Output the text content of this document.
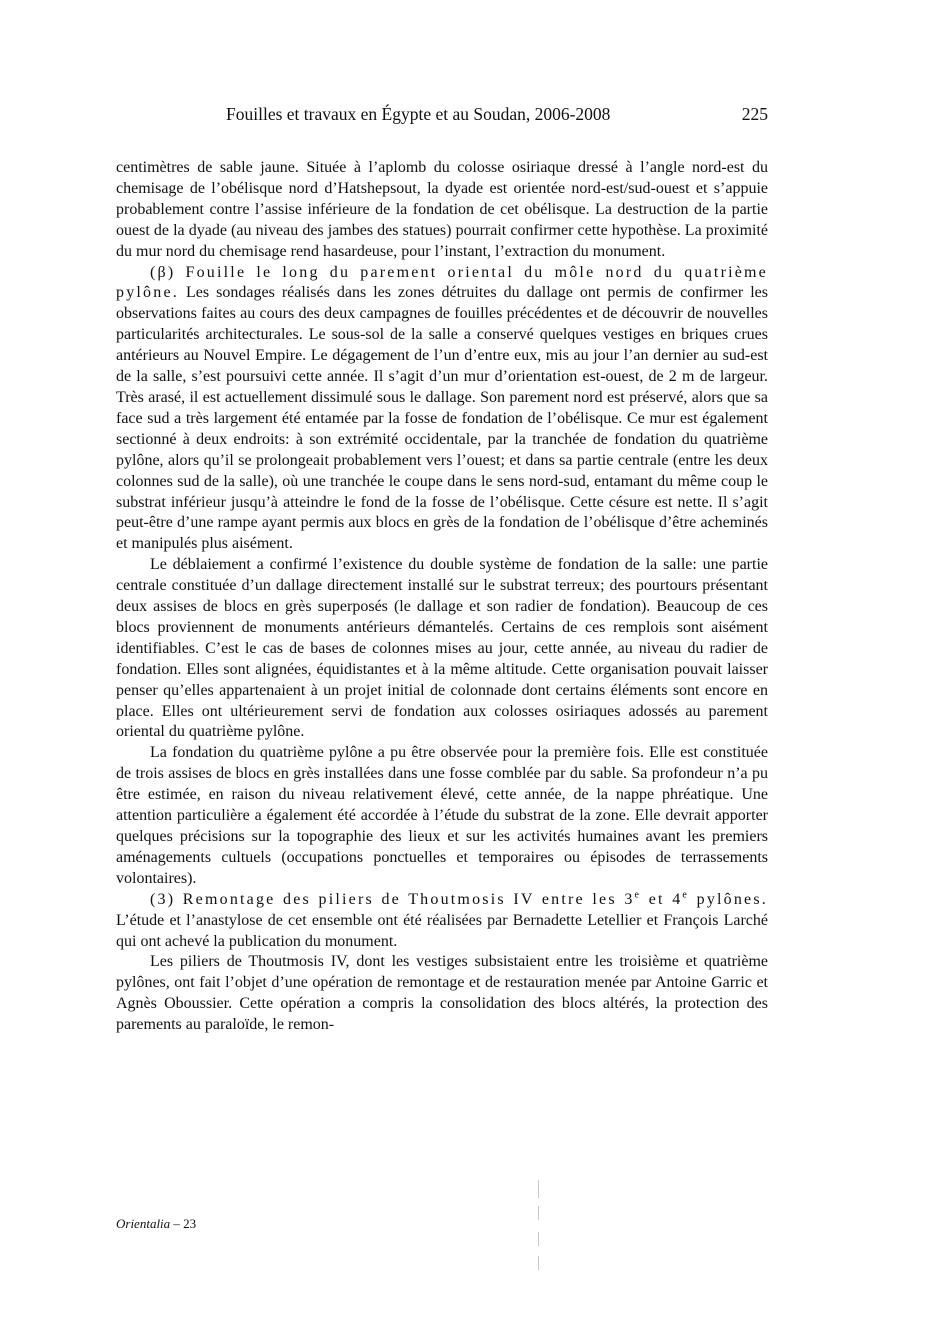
Fouilles et travaux en Égypte et au Soudan, 2006-2008	225

centimètres de sable jaune. Située à l’aplomb du colosse osiriaque dressé à l’angle nord-est du chemisage de l’obélisque nord d’Hatshepsout, la dyade est orientée nord-est/sud-ouest et s’appuie probablement contre l’assise inférieure de la fondation de cet obélisque. La destruction de la partie ouest de la dyade (au niveau des jambes des statues) pourrait confirmer cette hypothèse. La proximité du mur nord du chemisage rend hasardeuse, pour l’instant, l’extraction du monument.

(β) Fouille le long du parement oriental du môle nord du quatrième pylône. Les sondages réalisés dans les zones détruites du dallage ont permis de confirmer les observations faites au cours des deux campagnes de fouilles précédentes et de découvrir de nouvelles particularités architecturales. Le sous-sol de la salle a conservé quelques vestiges en briques crues antérieurs au Nouvel Empire. Le dégagement de l’un d’entre eux, mis au jour l’an dernier au sud-est de la salle, s’est poursuivi cette année. Il s’agit d’un mur d’orientation est-ouest, de 2 m de largeur. Très arasé, il est actuellement dissimulé sous le dallage. Son parement nord est préservé, alors que sa face sud a très largement été entamée par la fosse de fondation de l’obélisque. Ce mur est également sectionné à deux endroits: à son extrémité occidentale, par la tranchée de fondation du quatrième pylône, alors qu’il se prolongeait probablement vers l’ouest; et dans sa partie centrale (entre les deux colonnes sud de la salle), où une tranchée le coupe dans le sens nord-sud, entamant du même coup le substrat inférieur jusqu’à atteindre le fond de la fosse de l’obélisque. Cette césure est nette. Il s’agit peut-être d’une rampe ayant permis aux blocs en grès de la fondation de l’obélisque d’être acheminés et manipulés plus aisément.

Le déblaiement a confirmé l’existence du double système de fondation de la salle: une partie centrale constituée d’un dallage directement installé sur le substrat terreux; des pourtours présentant deux assises de blocs en grès superposés (le dallage et son radier de fondation). Beaucoup de ces blocs proviennent de monuments antérieurs démantelés. Certains de ces remplois sont aisément identifiables. C’est le cas de bases de colonnes mises au jour, cette année, au niveau du radier de fondation. Elles sont alignées, équidistantes et à la même altitude. Cette organisation pouvait laisser penser qu’elles appartenaient à un projet initial de colonnade dont certains éléments sont encore en place. Elles ont ultérieurement servi de fondation aux colosses osiriaques adossés au parement oriental du quatrième pylône.

La fondation du quatrième pylône a pu être observée pour la première fois. Elle est constituée de trois assises de blocs en grès installées dans une fosse comblée par du sable. Sa profondeur n’a pu être estimée, en raison du niveau relativement élevé, cette année, de la nappe phréatique. Une attention particulière a également été accordée à l’étude du substrat de la zone. Elle devrait apporter quelques précisions sur la topographie des lieux et sur les activités humaines avant les premiers aménagements cultuels (occupations ponctuelles et temporaires ou épisodes de terrassements volontaires).

(3) Remontage des piliers de Thoutmosis IV entre les 3e et 4e pylônes. L’étude et l’anastylose de cet ensemble ont été réalisées par Bernadette Letellier et François Larché qui ont achevé la publication du monument.

Les piliers de Thoutmosis IV, dont les vestiges subsistaient entre les troisième et quatrième pylônes, ont fait l’objet d’une opération de remontage et de restauration menée par Antoine Garric et Agnès Oboussier. Cette opération a compris la consolidation des blocs altérés, la protection des parements au paraloïde, le remon-

Orientalia – 23
